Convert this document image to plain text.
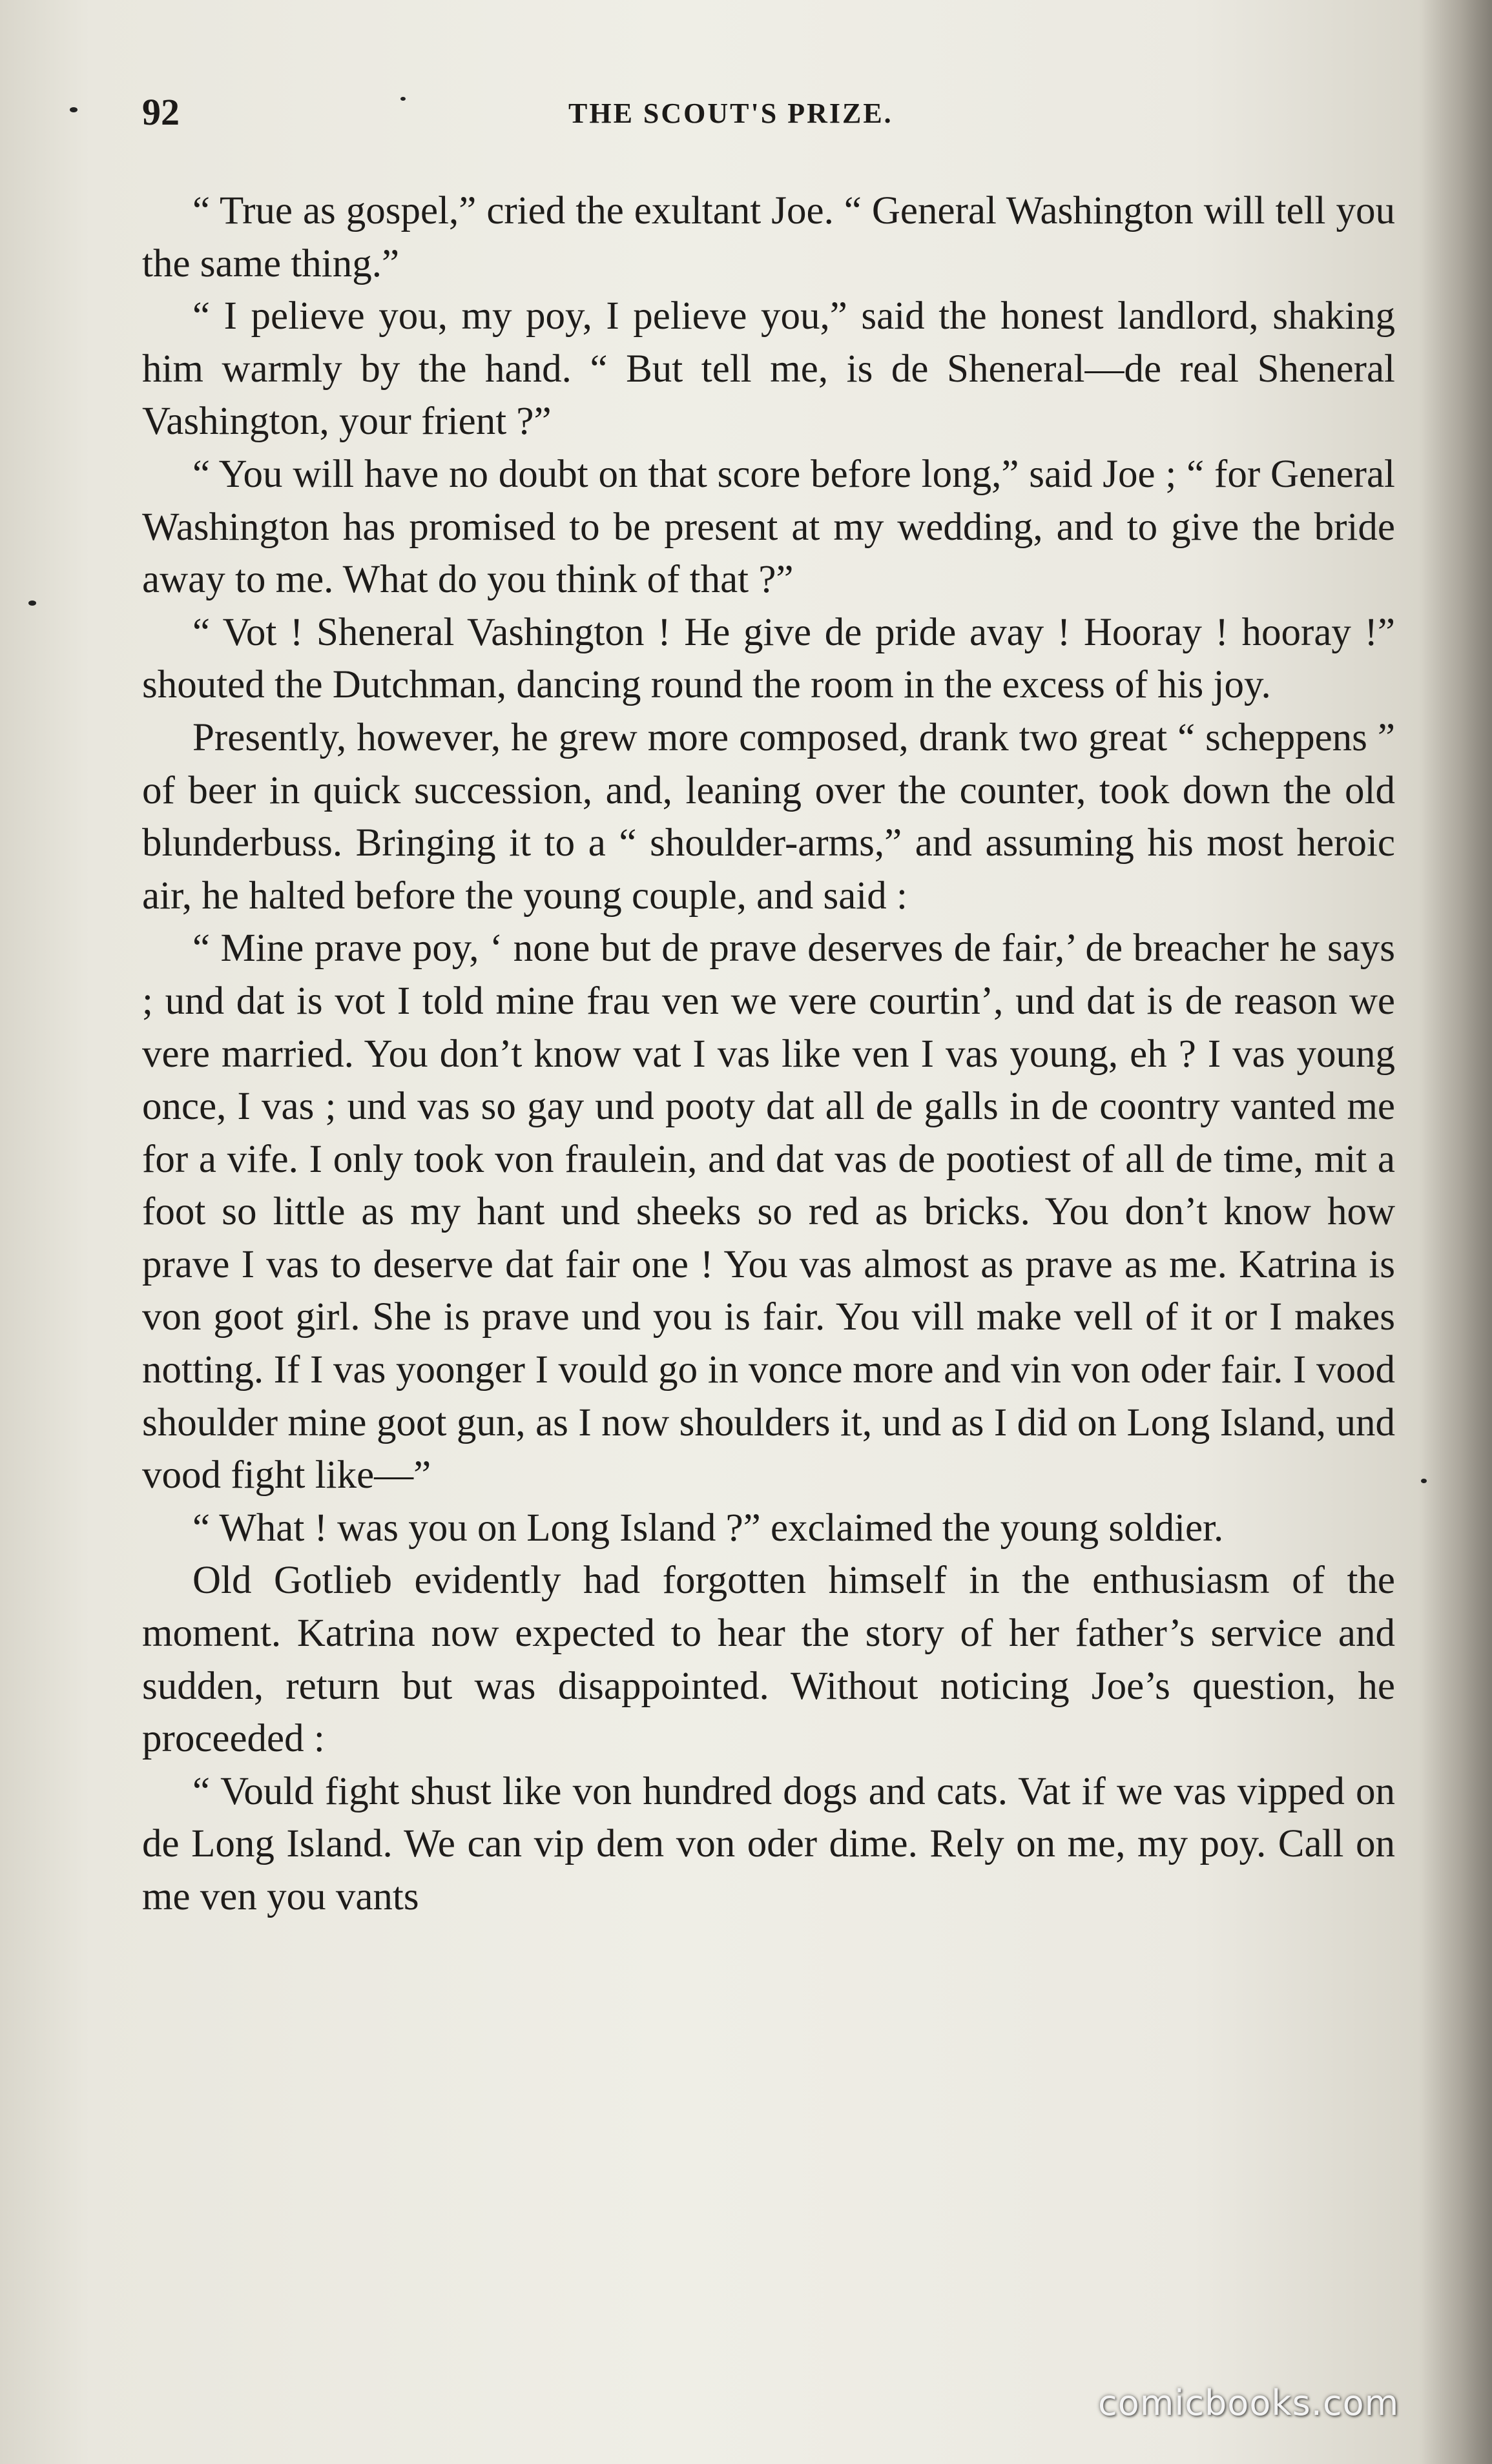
92	THE SCOUT'S PRIZE.

“ True as gospel,” cried the exultant Joe. “ General Washington will tell you the same thing.”

“ I pelieve you, my poy, I pelieve you,” said the honest landlord, shaking him warmly by the hand. “ But tell me, is de Sheneral—de real Sheneral Vashington, your frient ?”

“ You will have no doubt on that score before long,” said Joe ; “ for General Washington has promised to be present at my wedding, and to give the bride away to me. What do you think of that ?”

“ Vot ! Sheneral Vashington ! He give de pride avay ! Hooray ! hooray !” shouted the Dutchman, dancing round the room in the excess of his joy.

Presently, however, he grew more composed, drank two great “ scheppens ” of beer in quick succession, and, leaning over the counter, took down the old blunderbuss. Bringing it to a “ shoulder-arms,” and assuming his most heroic air, he halted before the young couple, and said :

“ Mine prave poy, ‘ none but de prave deserves de fair,’ de breacher he says ; und dat is vot I told mine frau ven we vere courtin’, und dat is de reason we vere married. You don’t know vat I vas like ven I vas young, eh ? I vas young once, I vas ; und vas so gay und pooty dat all de galls in de coontry vanted me for a vife. I only took von fraulein, and dat vas de pootiest of all de time, mit a foot so little as my hant und sheeks so red as bricks. You don’t know how prave I vas to deserve dat fair one ! You vas almost as prave as me. Katrina is von goot girl. She is prave und you is fair. You vill make vell of it or I makes notting. If I vas yoonger I vould go in vonce more and vin von oder fair. I vood shoulder mine goot gun, as I now shoulders it, und as I did on Long Island, und vood fight like—”

“ What ! was you on Long Island ?” exclaimed the young soldier.

Old Gotlieb evidently had forgotten himself in the enthusiasm of the moment. Katrina now expected to hear the story of her father’s service and sudden, return but was disappointed. Without noticing Joe’s question, he proceeded :

“ Vould fight shust like von hundred dogs and cats. Vat if we vas vipped on de Long Island. We can vip dem von oder dime. Rely on me, my poy. Call on me ven you vants

comicbooks.com
